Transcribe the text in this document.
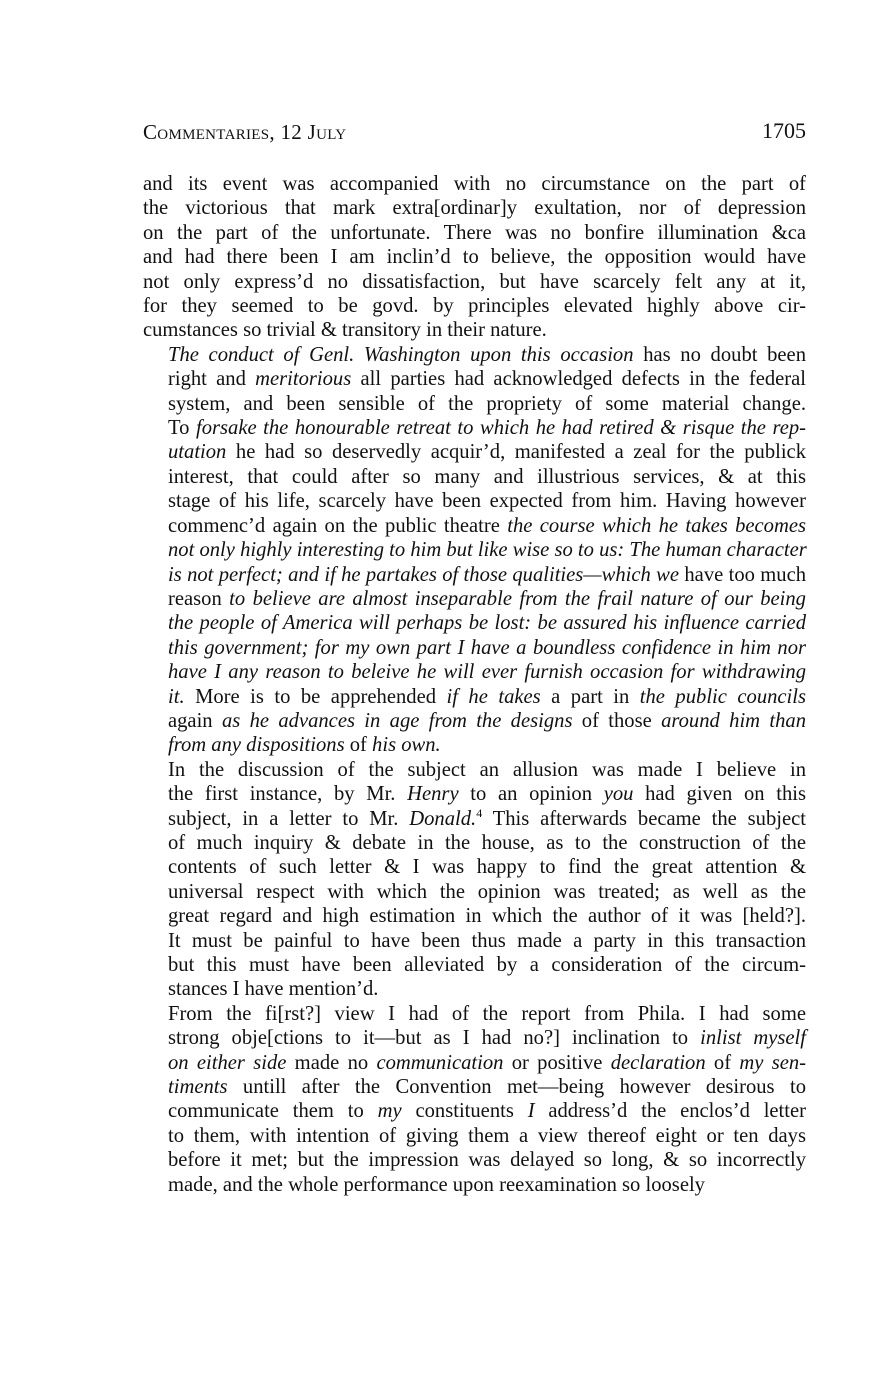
Commentaries, 12 July	1705
and its event was accompanied with no circumstance on the part of
the victorious that mark extra[ordinar]y exultation, nor of depression
on the part of the unfortunate. There was no bonfire illumination &ca
and had there been I am inclin’d to believe, the opposition would have
not only express’d no dissatisfaction, but have scarcely felt any at it,
for they seemed to be govd. by principles elevated highly above cir-
cumstances so trivial & transitory in their nature.
The conduct of Genl. Washington upon this occasion has no doubt been
right and meritorious all parties had acknowledged defects in the federal
system, and been sensible of the propriety of some material change.
To forsake the honourable retreat to which he had retired & risque the rep-
utation he had so deservedly acquir’d, manifested a zeal for the publick
interest, that could after so many and illustrious services, & at this
stage of his life, scarcely have been expected from him. Having however
commenc’d again on the public theatre the course which he takes becomes
not only highly interesting to him but like wise so to us: The human character
is not perfect; and if he partakes of those qualities—which we have too much
reason to believe are almost inseparable from the frail nature of our being
the people of America will perhaps be lost: be assured his influence carried
this government; for my own part I have a boundless confidence in him nor
have I any reason to beleive he will ever furnish occasion for withdrawing
it. More is to be apprehended if he takes a part in the public councils
again as he advances in age from the designs of those around him than
from any dispositions of his own.
In the discussion of the subject an allusion was made I believe in
the first instance, by Mr. Henry to an opinion you had given on this
subject, in a letter to Mr. Donald.$^4$ This afterwards became the subject
of much inquiry & debate in the house, as to the construction of the
contents of such letter & I was happy to find the great attention &
universal respect with which the opinion was treated; as well as the
great regard and high estimation in which the author of it was [held?].
It must be painful to have been thus made a party in this transaction
but this must have been alleviated by a consideration of the circum-
stances I have mention’d.
From the fi[rst?] view I had of the report from Phila. I had some
strong obje[ctions to it—but as I had no?] inclination to inlist myself
on either side made no communication or positive declaration of my sen-
timents untill after the Convention met—being however desirous to
communicate them to my constituents I address’d the enclos’d letter
to them, with intention of giving them a view thereof eight or ten days
before it met; but the impression was delayed so long, & so incorrectly
made, and the whole performance upon reexamination so loosely
